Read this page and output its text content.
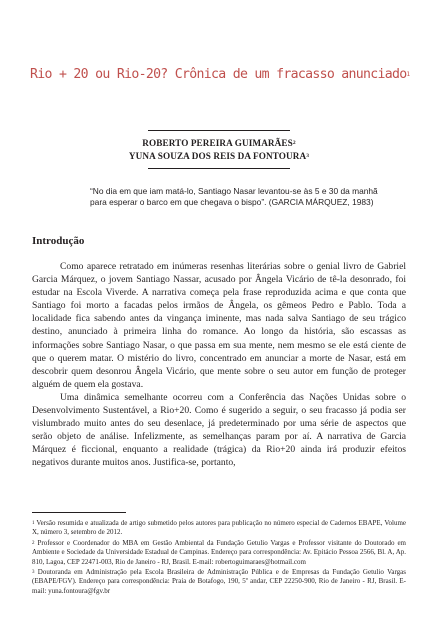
Rio + 20 ou Rio-20? Crônica de um fracasso anunciado$^1$
ROBERTO PEREIRA GUIMARÃES$^2$
YUNA SOUZA DOS REIS DA FONTOURA$^3$
“No dia em que iam matá-lo, Santiago Nasar levantou-se às 5 e 30 da manhã para esperar o barco em que chegava o bispo”. (GARCIA MÁRQUEZ, 1983)
Introdução

Como aparece retratado em inúmeras resenhas literárias sobre o genial livro de Gabriel Garcia Márquez, o jovem Santiago Nassar, acusado por Ângela Vicário de tê-la desonrado, foi estudar na Escola Viverde. A narrativa começa pela frase reproduzida acima e que conta que Santiago foi morto a facadas pelos irmãos de Ângela, os gêmeos Pedro e Pablo. Toda a localidade fica sabendo antes da vingança iminente, mas nada salva Santiago de seu trágico destino, anunciado à primeira linha do romance. Ao longo da história, são escassas as informações sobre Santiago Nasar, o que passa em sua mente, nem mesmo se ele está ciente de que o querem matar. O mistério do livro, concentrado em anunciar a morte de Nasar, está em descobrir quem desonrou Ângela Vicário, que mente sobre o seu autor em função de proteger alguém de quem ela gostava.

Uma dinâmica semelhante ocorreu com a Conferência das Nações Unidas sobre o Desenvolvimento Sustentável, a Rio+20. Como é sugerido a seguir, o seu fracasso já podia ser vislumbrado muito antes do seu desenlace, já predeterminado por uma série de aspectos que serão objeto de análise. Infelizmente, as semelhanças param por aí. A narrativa de Garcia Márquez é ficcional, enquanto a realidade (trágica) da Rio+20 ainda irá produzir efeitos negativos durante muitos anos. Justifica-se, portanto,

$^1$ Versão resumida e atualizada de artigo submetido pelos autores para publicação no número especial de Cadernos EBAPE, Volume X, número 3, setembro de 2012.

$^2$ Professor e Coordenador do MBA em Gestão Ambiental da Fundação Getulio Vargas e Professor visitante do Doutorado em Ambiente e Sociedade da Universidade Estadual de Campinas. Endereço para correspondência: Av. Epitácio Pessoa 2566, Bl. A, Ap. 810, Lagoa, CEP 22471-003, Rio de Janeiro - RJ, Brasil. E-mail: robertoguimaraes@hotmail.com

$^3$ Doutoranda em Administração pela Escola Brasileira de Administração Pública e de Empresas da Fundação Getulio Vargas (EBAPE/FGV). Endereço para correspondência: Praia de Botafogo, 190, 5º andar, CEP 22250-900, Rio de Janeiro - RJ, Brasil. E-mail: yuna.fontoura@fgv.br
